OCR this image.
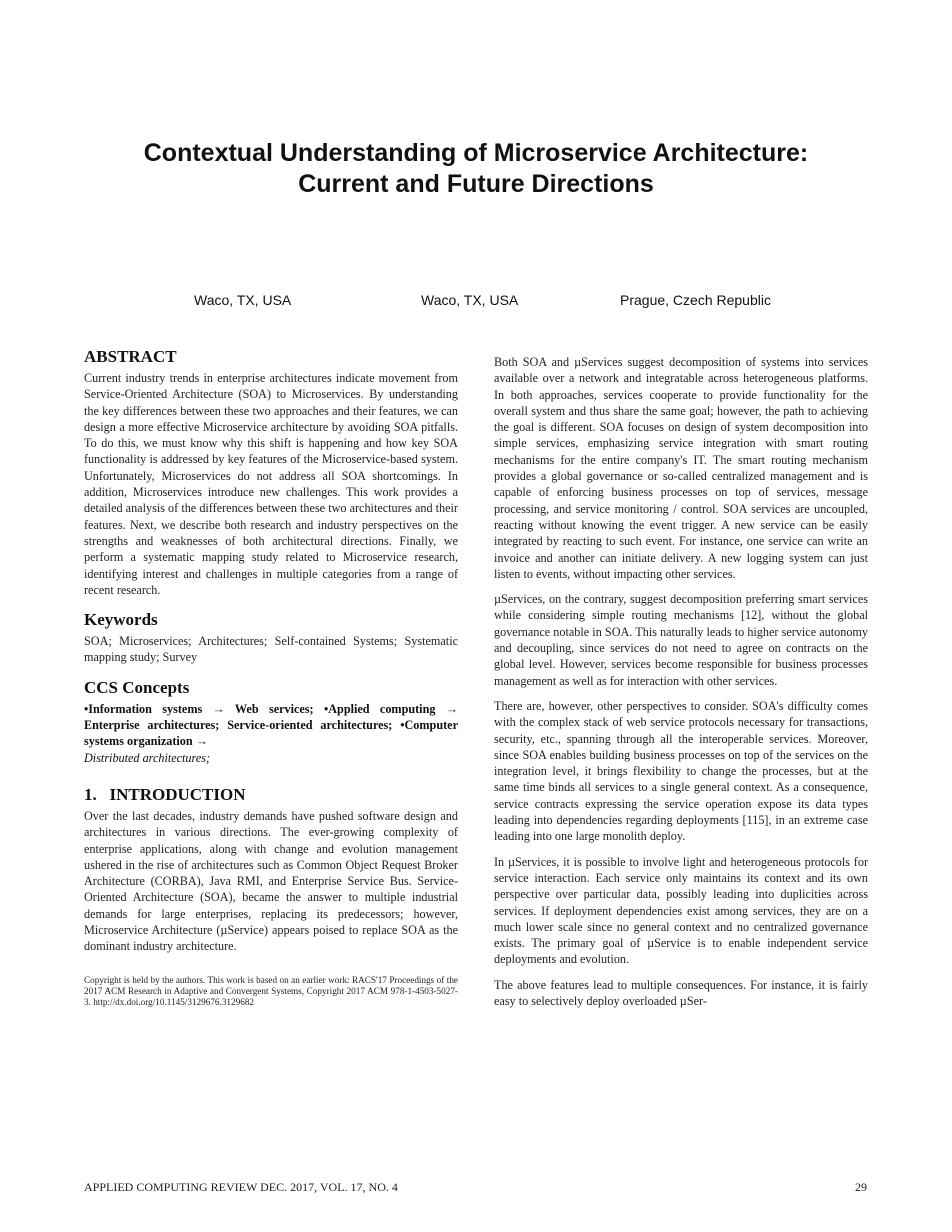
Contextual Understanding of Microservice Architecture:
Current and Future Directions
Waco, TX, USA	Waco, TX, USA	Prague, Czech Republic
ABSTRACT

Current industry trends in enterprise architectures indicate movement from Service-Oriented Architecture (SOA) to Microservices. By understanding the key differences between these two approaches and their features, we can design a more effective Microservice architecture by avoiding SOA pitfalls. To do this, we must know why this shift is happening and how key SOA functionality is addressed by key features of the Microservice-based system. Unfortunately, Microservices do not address all SOA shortcomings. In addition, Microservices introduce new challenges. This work provides a detailed analysis of the differences between these two architectures and their features. Next, we describe both research and industry perspectives on the strengths and weaknesses of both architectural directions. Finally, we perform a systematic mapping study related to Microservice research, identifying interest and challenges in multiple categories from a range of recent research.

Keywords

SOA; Microservices; Architectures; Self-contained Systems; Systematic mapping study; Survey

CCS Concepts

•Information systems → Web services; •Applied computing → Enterprise architectures; Service-oriented architectures; •Computer systems organization →
Distributed architectures;

1.   INTRODUCTION

Over the last decades, industry demands have pushed software design and architectures in various directions. The ever-growing complexity of enterprise applications, along with change and evolution management ushered in the rise of architectures such as Common Object Request Broker Architecture (CORBA), Java RMI, and Enterprise Service Bus. Service-Oriented Architecture (SOA), became the answer to multiple industrial demands for large enterprises, replacing its predecessors; however, Microservice Architecture (µService) appears poised to replace SOA as the dominant industry architecture.

Copyright is held by the authors. This work is based on an earlier work: RACS'17 Proceedings of the 2017 ACM Research in Adaptive and Convergent Systems, Copyright 2017 ACM 978-1-4503-5027-3. http://dx.doi.org/10.1145/3129676.3129682

Both SOA and µServices suggest decomposition of systems into services available over a network and integratable across heterogeneous platforms. In both approaches, services cooperate to provide functionality for the overall system and thus share the same goal; however, the path to achieving the goal is different. SOA focuses on design of system decomposition into simple services, emphasizing service integration with smart routing mechanisms for the entire company's IT. The smart routing mechanism provides a global governance or so-called centralized management and is capable of enforcing business processes on top of services, message processing, and service monitoring / control. SOA services are uncoupled, reacting without knowing the event trigger. A new service can be easily integrated by reacting to such event. For instance, one service can write an invoice and another can initiate delivery. A new logging system can just listen to events, without impacting other services.

µServices, on the contrary, suggest decomposition preferring smart services while considering simple routing mechanisms [12], without the global governance notable in SOA. This naturally leads to higher service autonomy and decoupling, since services do not need to agree on contracts on the global level. However, services become responsible for business processes management as well as for interaction with other services.

There are, however, other perspectives to consider. SOA's difficulty comes with the complex stack of web service protocols necessary for transactions, security, etc., spanning through all the interoperable services. Moreover, since SOA enables building business processes on top of the services on the integration level, it brings flexibility to change the processes, but at the same time binds all services to a single general context. As a consequence, service contracts expressing the service operation expose its data types leading into dependencies regarding deployments [115], in an extreme case leading into one large monolith deploy.

In µServices, it is possible to involve light and heterogeneous protocols for service interaction. Each service only maintains its context and its own perspective over particular data, possibly leading into duplicities across services. If deployment dependencies exist among services, they are on a much lower scale since no general context and no centralized governance exists. The primary goal of µService is to enable independent service deployments and evolution.

The above features lead to multiple consequences. For instance, it is fairly easy to selectively deploy overloaded µSer-

APPLIED COMPUTING REVIEW DEC. 2017, VOL. 17, NO. 4	29
